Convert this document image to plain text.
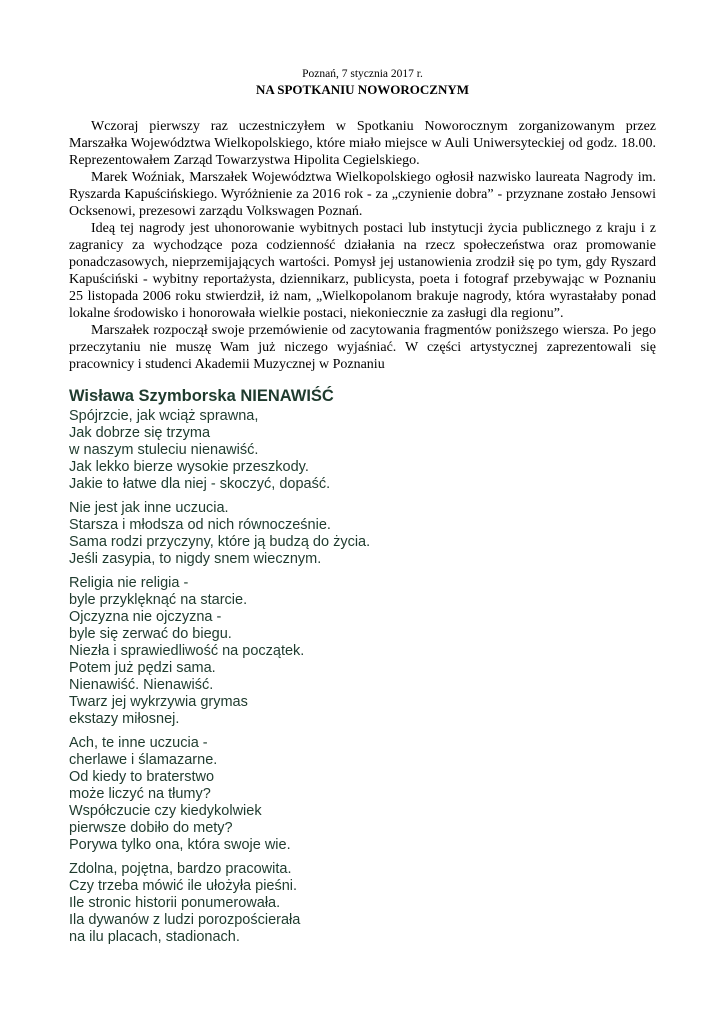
Poznań, 7 stycznia 2017 r.
NA SPOTKANIU NOWOROCZNYM

Wczoraj pierwszy raz uczestniczyłem w Spotkaniu Noworocznym zorganizowanym przez Marszałka Województwa Wielkopolskiego, które miało miejsce w Auli Uniwersyteckiej od godz. 18.00. Reprezentowałem Zarząd Towarzystwa Hipolita Cegielskiego.

Marek Woźniak, Marszałek Województwa Wielkopolskiego ogłosił nazwisko laureata Nagrody im. Ryszarda Kapuścińskiego. Wyróżnienie za 2016 rok - za „czynienie dobra” - przyznane zostało Jensowi Ocksenowi, prezesowi zarządu Volkswagen Poznań.

Ideą tej nagrody jest uhonorowanie wybitnych postaci lub instytucji życia publicznego z kraju i z zagranicy za wychodzące poza codzienność działania na rzecz społeczeństwa oraz promowanie ponadczasowych, nieprzemijających wartości. Pomysł jej ustanowienia zrodził się po tym, gdy Ryszard Kapuściński - wybitny reportażysta, dziennikarz, publicysta, poeta i fotograf przebywając w Poznaniu 25 listopada 2006 roku stwierdził, iż nam, „Wielkopolanom brakuje nagrody, która wyrastałaby ponad lokalne środowisko i honorowała wielkie postaci, niekoniecznie za zasługi dla regionu”.

Marszałek rozpoczął swoje przemówienie od zacytowania fragmentów poniższego wiersza. Po jego przeczytaniu nie muszę Wam już niczego wyjaśniać. W części artystycznej zaprezentowali się pracownicy i studenci Akademii Muzycznej w Poznaniu

Wisława Szymborska NIENAWIŚĆ
Spójrzcie, jak wciąż sprawna,
Jak dobrze się trzyma
w naszym stuleciu nienawiść.
Jak lekko bierze wysokie przeszkody.
Jakie to łatwe dla niej - skoczyć, dopaść.
Nie jest jak inne uczucia.
Starsza i młodsza od nich równocześnie.
Sama rodzi przyczyny, które ją budzą do życia.
Jeśli zasypia, to nigdy snem wiecznym.
Religia nie religia -
byle przyklęknąć na starcie.
Ojczyzna nie ojczyzna -
byle się zerwać do biegu.
Niezła i sprawiedliwość na początek.
Potem już pędzi sama.
Nienawiść. Nienawiść.
Twarz jej wykrzywia grymas
ekstazy miłosnej.
Ach, te inne uczucia -
cherlawe i ślamazarne.
Od kiedy to braterstwo
może liczyć na tłumy?
Współczucie czy kiedykolwiek
pierwsze dobiło do mety?
Porywa tylko ona, która swoje wie.
Zdolna, pojętna, bardzo pracowita.
Czy trzeba mówić ile ułożyła pieśni.
Ile stronic historii ponumerowała.
Ila dywanów z ludzi porozpościerała
na ilu placach, stadionach.
